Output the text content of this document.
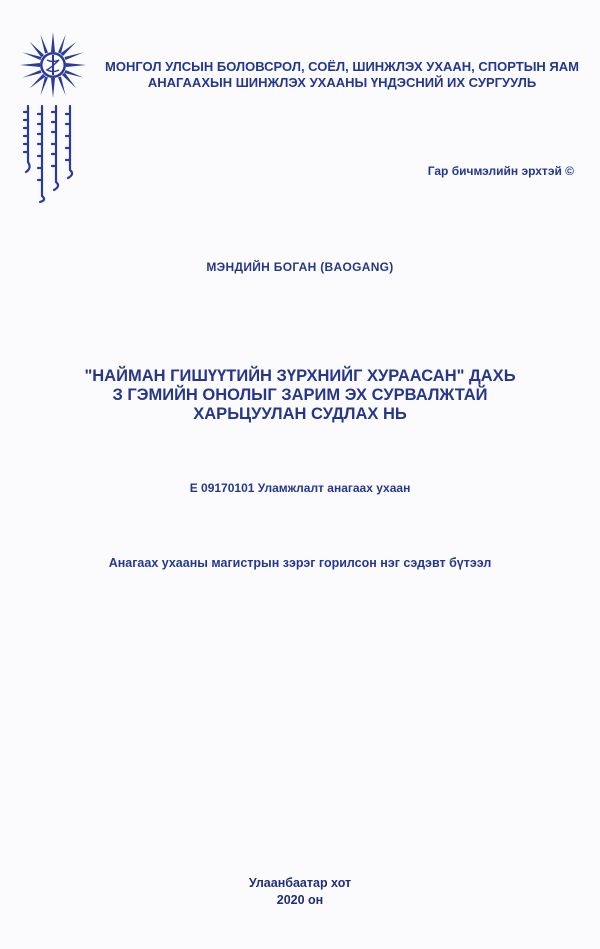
МОНГОЛ УЛСЫН БОЛОВСРОЛ, СОЁЛ, ШИНЖЛЭХ УХААН, СПОРТЫН ЯАМ
АНАГААХЫН ШИНЖЛЭХ УХААНЫ ҮНДЭСНИЙ ИХ СУРГУУЛЬ
Гар бичмэлийн эрхтэй ©
МЭНДИЙН БОГАН (BAOGANG)
"НАЙМАН ГИШҮҮТИЙН ЗҮРХНИЙГ ХУРААСАН" ДАХЬ
З ГЭМИЙН ОНОЛЫГ ЗАРИМ ЭХ СУРВАЛЖТАЙ
ХАРЬЦУУЛАН СУДЛАХ НЬ
Е 09170101 Уламжлалт анагаах ухаан
Анагаах ухааны магистрын зэрэг горилсон нэг сэдэвт бүтээл
Улаанбаатар хот
2020 он
